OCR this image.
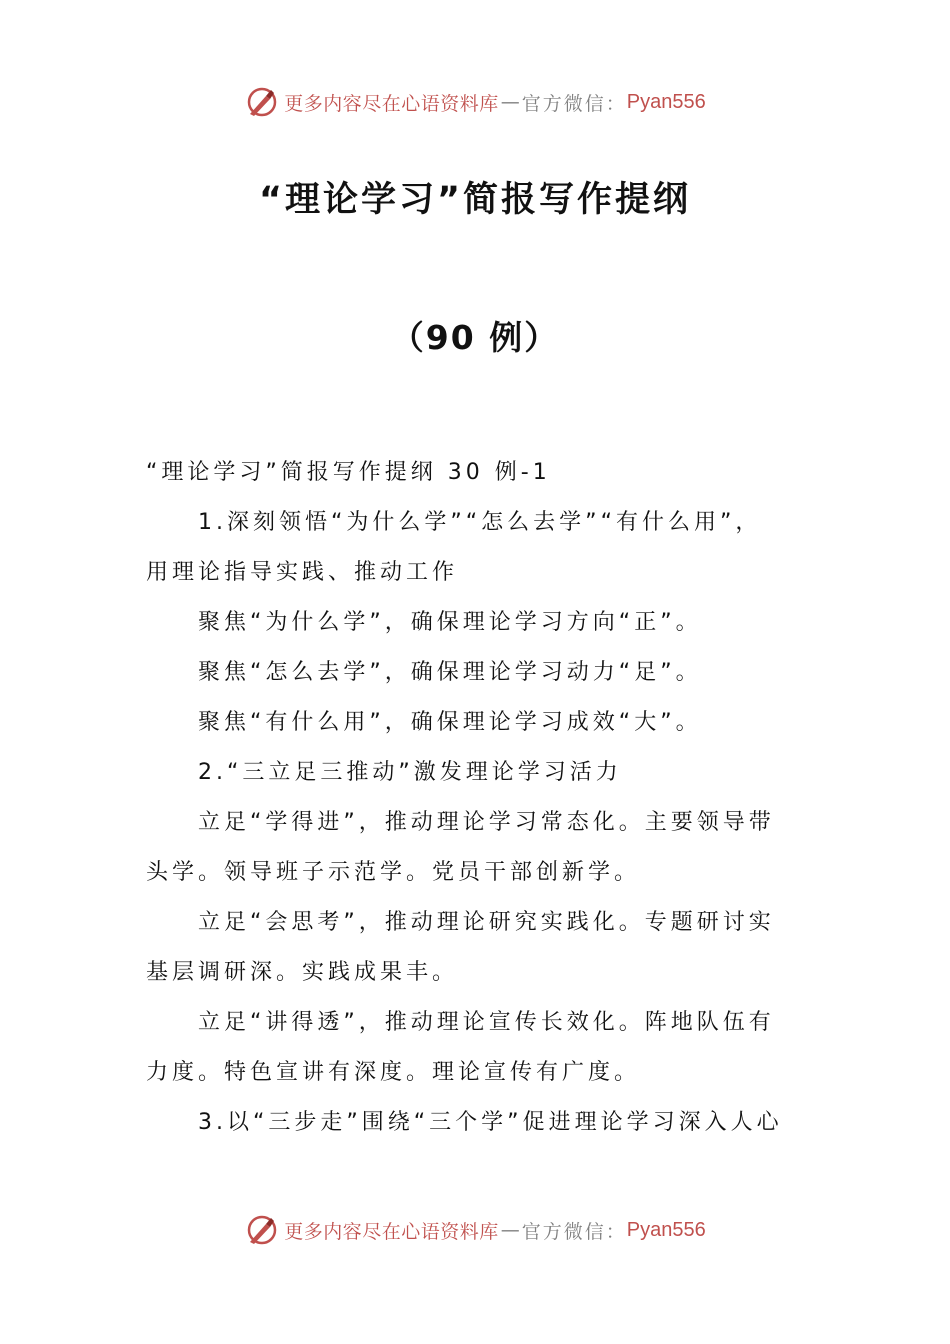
更多内容尽在心语资料库 — 官方微信： Pyan556
“理论学习”简报写作提纲
（90 例）

“理论学习”简报写作提纲 30 例-1

1.深刻领悟“为什么学”“怎么去学”“有什么用”，

用理论指导实践、推动工作

聚焦“为什么学”，确保理论学习方向“正”。

聚焦“怎么去学”，确保理论学习动力“足”。

聚焦“有什么用”，确保理论学习成效“大”。

2.“三立足三推动”激发理论学习活力

立足“学得进”，推动理论学习常态化。主要领导带

头学。领导班子示范学。党员干部创新学。

立足“会思考”，推动理论研究实践化。专题研讨实

基层调研深。实践成果丰。

立足“讲得透”，推动理论宣传长效化。阵地队伍有

力度。特色宣讲有深度。理论宣传有广度。

3.以“三步走”围绕“三个学”促进理论学习深入人心

更多内容尽在心语资料库 — 官方微信： Pyan556
